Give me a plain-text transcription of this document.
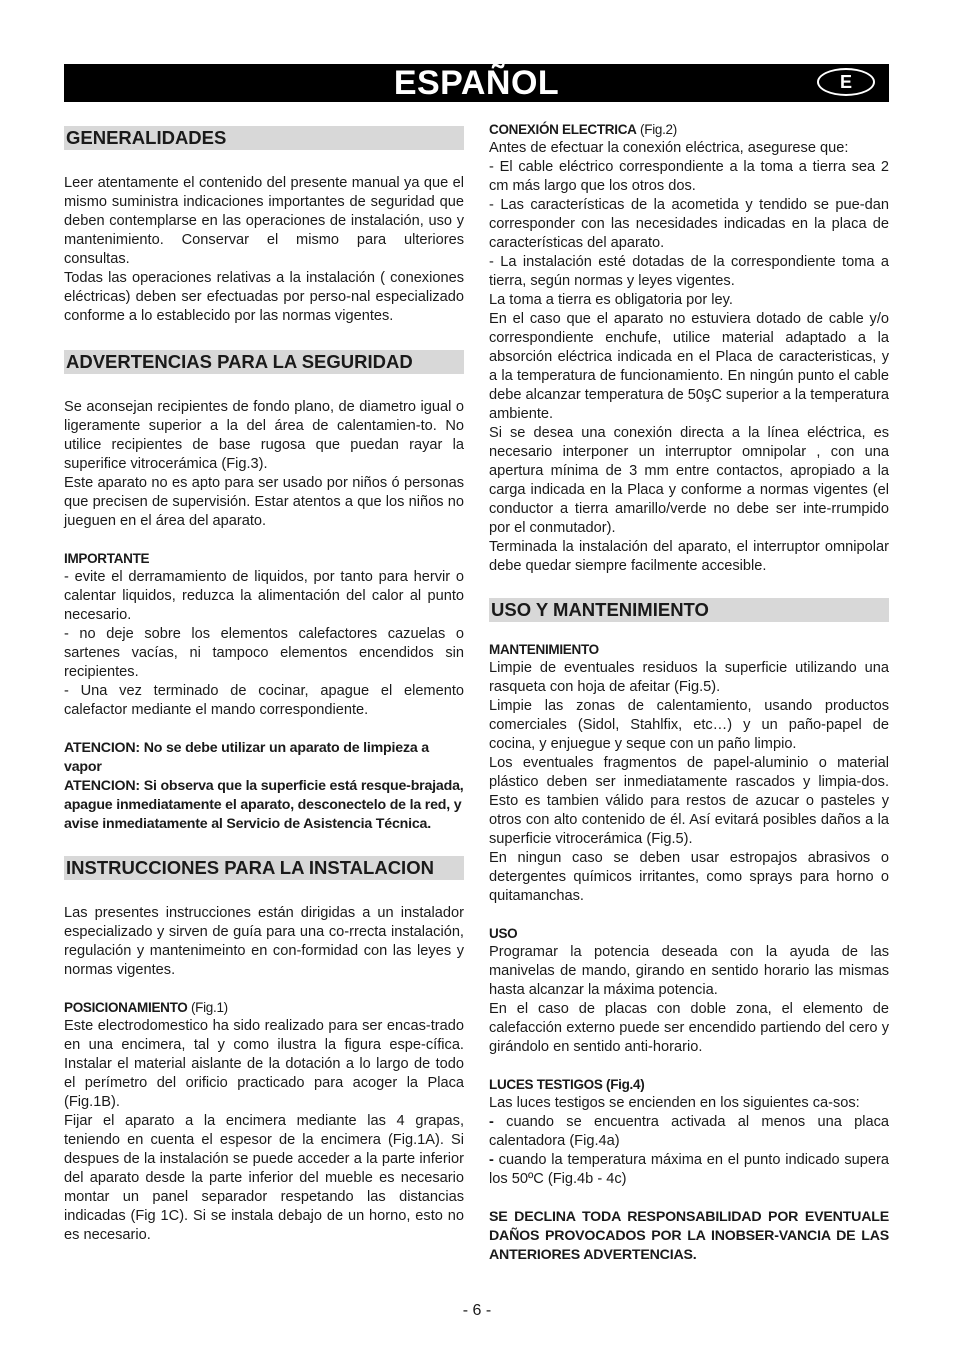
ESPAÑOL	E
GENERALIDADES

Leer atentamente el contenido del presente manual ya que el mismo suministra indicaciones importantes de seguridad que deben contemplarse en las operaciones de instalación, uso y mantenimiento. Conservar el mismo para ulteriores consultas.

Todas las operaciones relativas a la instalación ( conexiones eléctricas) deben ser efectuadas por perso-nal especializado conforme a lo establecido por las normas vigentes.

ADVERTENCIAS PARA LA SEGURIDAD

Se aconsejan recipientes de fondo plano, de diametro igual o ligeramente superior a la del área de calentamien-to. No utilice recipientes de base rugosa que puedan rayar la superifice vitrocerámica (Fig.3).

Este aparato no es apto para ser usado por niños ó personas que precisen de supervisión. Estar atentos a que los niños no jueguen en el área del aparato.

IMPORTANTE

- evite el derramamiento de liquidos, por tanto para hervir o calentar liquidos, reduzca la alimentación del calor al punto necesario.

- no deje sobre los elementos calefactores cazuelas o sartenes vacías, ni tampoco elementos encendidos sin recipientes.

- Una vez terminado de cocinar, apague el elemento calefactor mediante el mando correspondiente.

ATENCION: No se debe utilizar un aparato de limpieza a vapor

ATENCION: Si observa que la superficie está resque-brajada, apague inmediatamente el aparato, desconectelo de la red, y avise inmediatamente al Servicio de Asistencia Técnica.

INSTRUCCIONES PARA LA INSTALACION

Las presentes instrucciones están dirigidas a un instalador especializado y sirven de guía para una co-rrecta instalación, regulación y mantenimeinto en con-formidad con las leyes y normas vigentes.

POSICIONAMIENTO (Fig.1)

Este electrodomestico ha sido realizado para ser encas-trado en una encimera, tal y como ilustra la figura espe-cífica. Instalar el material aislante de la dotación a lo largo de todo el perímetro del orificio practicado para acoger la Placa (Fig.1B).

Fijar el aparato a la encimera mediante las 4 grapas, teniendo en cuenta el espesor de la encimera (Fig.1A). Si despues de la instalación se puede acceder a la parte inferior del aparato desde la parte inferior del mueble es necesario montar un panel separador respetando las distancias indicadas (Fig 1C). Si se instala debajo de un horno, esto no es necesario.

CONEXIÓN ELECTRICA (Fig.2)

Antes de efectuar la conexión eléctrica, asegurese que:

- El cable eléctrico correspondiente a la toma a tierra sea 2 cm más largo que los otros dos.

- Las características de la acometida y tendido se pue-dan corresponder con las necesidades indicadas en la placa de características del aparato.

- La instalación esté dotadas de la correspondiente toma a tierra, según normas y leyes vigentes.

La toma a tierra es obligatoria por ley.

En el caso que el aparato no estuviera dotado de cable y/o correspondiente enchufe, utilice material adaptado a la absorción eléctrica indicada en el Placa de caracteristicas, y a la temperatura de funcionamiento. En ningún punto el cable debe alcanzar temperatura de 50şC superior a la temperatura ambiente.

Si se desea una conexión directa a la línea eléctrica, es necesario interponer un interruptor omnipolar , con una apertura mínima de 3 mm entre contactos, apropiado a la carga indicada en la Placa y conforme a normas vigentes (el conductor a tierra amarillo/verde no debe ser inte-rrumpido por el conmutador).

Terminada la instalación del aparato, el interruptor omnipolar debe quedar siempre facilmente accesible.

USO Y MANTENIMIENTO

MANTENIMIENTO

Limpie de eventuales residuos la superficie utilizando una rasqueta con hoja de afeitar (Fig.5).

Limpie las zonas de calentamiento, usando productos comerciales (Sidol, Stahlfix, etc…) y un paño-papel de cocina, y enjuegue y seque con un paño limpio.

Los eventuales fragmentos de papel-aluminio o material plástico deben ser inmediatamente rascados y limpia-dos. Esto es tambien válido para restos de azucar o pasteles y otros con alto contenido de él. Así evitará posibles daños a la superficie vitrocerámica (Fig.5).

En ningun caso se deben usar estropajos abrasivos o detergentes químicos irritantes, como sprays para horno o quitamanchas.

USO

Programar la potencia deseada con la ayuda de las manivelas de mando, girando en sentido horario las mismas hasta alcanzar la máxima potencia.

En el caso de placas con doble zona, el elemento de calefacción externo puede ser encendido partiendo del cero y girándolo en sentido anti-horario.

LUCES TESTIGOS (Fig.4)

Las luces testigos se encienden en los siguientes ca-sos:

- cuando se encuentra activada al menos una placa calentadora (Fig.4a)

- cuando la temperatura máxima en el punto indicado supera los 50ºC (Fig.4b - 4c)

SE DECLINA TODA RESPONSABILIDAD POR EVENTUALE DAÑOS PROVOCADOS POR LA INOBSER-VANCIA DE LAS ANTERIORES ADVERTENCIAS.

- 6 -
